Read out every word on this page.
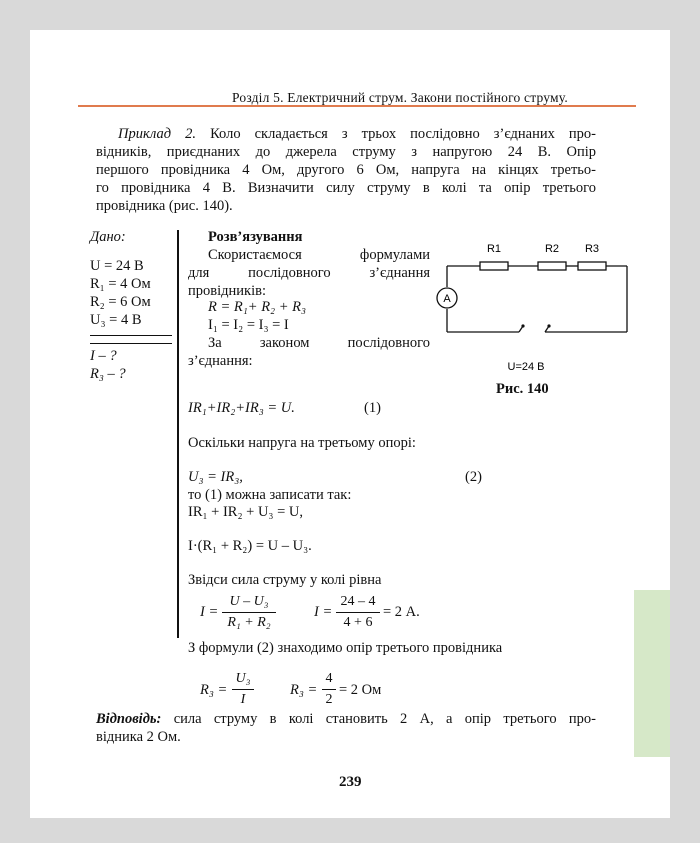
Розділ 5. Електричний струм. Закони постійного струму.
Приклад 2. Коло складається з трьох послідовно з’єднаних про-
відників, приєднаних до джерела струму з напругою 24 В. Опір
першого провідника 4 Ом, другого 6 Ом, напруга на кінцях третьо-
го провідника 4 В. Визначити силу струму в колі та опір третього
провідника (рис. 140).
Дано:
U = 24 В
R₁ = 4 Ом
R₂ = 6 Ом
U₃ = 4 В
I – ?
R₃ – ?
Розв’язування
Скористаємося формулами
для послідовного з’єднання
провідників:
R = R₁+ R₂ + R₃
I₁ = I₂ = I₃ = I
За законом послідовного
з’єднання:
IR₁+IR₂+IR₃ = U.	(1)
Оскільки напруга на третьому опорі:
U₃ = IR₃,	(2)
то (1) можна записати так:
IR₁ + IR₂ + U₃ = U,
I·(R₁ + R₂) = U – U₃.
Звідси сила струму у колі рівна
I =
U – U₃
R₁ + R₂
I =
24 – 4
4 + 6
= 2 А.
З формули (2) знаходимо опір третього провідника
R₃ =
U₃
I
R₃ =
4
2
= 2 Ом
Відповідь: сила струму в колі становить 2 А, а опір третього про-
відника 2 Ом.
239
R1	R2 R3
A
U=24 В
Рис. 140
